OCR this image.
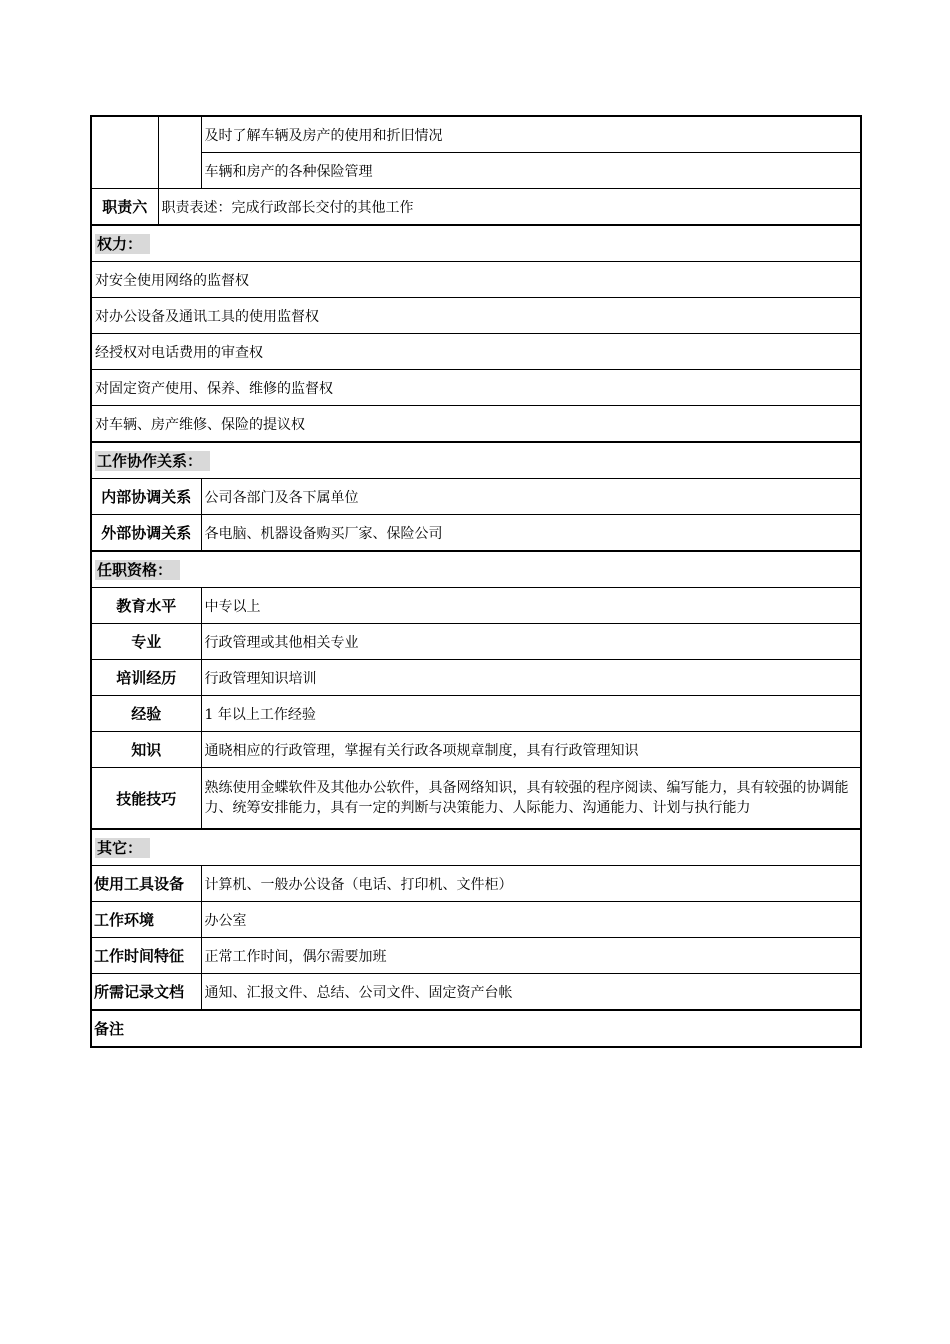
		及时了解车辆及房产的使用和折旧情况
		车辆和房产的各种保险管理
职责六	职责表述：完成行政部长交付的其他工作	
权力：		
对安全使用网络的监督权		
对办公设备及通讯工具的使用监督权		
经授权对电话费用的审查权		
对固定资产使用、保养、维修的监督权		
对车辆、房产维修、保险的提议权		
工作协作关系：		
内部协调关系		公司各部门及各下属单位
外部协调关系		各电脑、机器设备购买厂家、保险公司
任职资格：		
教育水平		中专以上
专业		行政管理或其他相关专业
培训经历		行政管理知识培训
经验		1 年以上工作经验
知识		通晓相应的行政管理，掌握有关行政各项规章制度，具有行政管理知识
技能技巧		熟练使用金蝶软件及其他办公软件，具备网络知识，具有较强的程序阅读、编写能力，具有较强的协调能力、统筹安排能力，具有一定的判断与决策能力、人际能力、沟通能力、计划与执行能力
其它：		
使用工具设备		计算机、一般办公设备（电话、打印机、文件柜）
工作环境		办公室
工作时间特征		正常工作时间，偶尔需要加班
所需记录文档		通知、汇报文件、总结、公司文件、固定资产台帐
备注		
